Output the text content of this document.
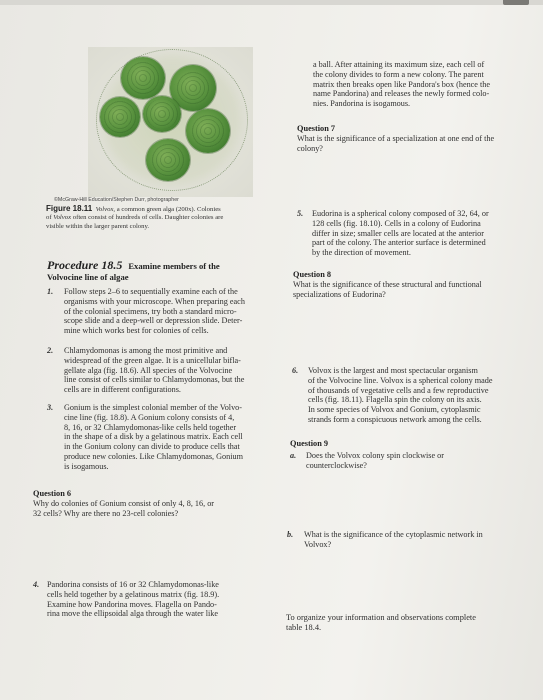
©McGraw-Hill Education/Stephen Durr, photographer
Figure 18.11 Volvox, a common green alga (200x). Colonies
of Volvox often consist of hundreds of cells. Daughter colonies are
visible within the larger parent colony.
Procedure 18.5 Examine members of the
Volvocine line of algae
1. Follow steps 2–6 to sequentially examine each of the
organisms with your microscope. When preparing each
of the colonial specimens, try both a standard micro-
scope slide and a deep-well or depression slide. Deter-
mine which works best for colonies of cells.
2. Chlamydomonas is among the most primitive and
widespread of the green algae. It is a unicellular bifla-
gellate alga (fig. 18.6). All species of the Volvocine
line consist of cells similar to Chlamydomonas, but the
cells are in different configurations.
3. Gonium is the simplest colonial member of the Volvo-
cine line (fig. 18.8). A Gonium colony consists of 4,
8, 16, or 32 Chlamydomonas-like cells held together
in the shape of a disk by a gelatinous matrix. Each cell
in the Gonium colony can divide to produce cells that
produce new colonies. Like Chlamydomonas, Gonium
is isogamous.
Question 6
Why do colonies of Gonium consist of only 4, 8, 16, or
32 cells? Why are there no 23-cell colonies?
4. Pandorina consists of 16 or 32 Chlamydomonas-like
cells held together by a gelatinous matrix (fig. 18.9).
Examine how Pandorina moves. Flagella on Pando-
rina move the ellipsoidal alga through the water like
a ball. After attaining its maximum size, each cell of
the colony divides to form a new colony. The parent
matrix then breaks open like Pandora's box (hence the
name Pandorina) and releases the newly formed colo-
nies. Pandorina is isogamous.
Question 7
What is the significance of a specialization at one end of the
colony?
5. Eudorina is a spherical colony composed of 32, 64, or
128 cells (fig. 18.10). Cells in a colony of Eudorina
differ in size; smaller cells are located at the anterior
part of the colony. The anterior surface is determined
by the direction of movement.
Question 8
What is the significance of these structural and functional
specializations of Eudorina?
6. Volvox is the largest and most spectacular organism
of the Volvocine line. Volvox is a spherical colony made
of thousands of vegetative cells and a few reproductive
cells (fig. 18.11). Flagella spin the colony on its axis.
In some species of Volvox and Gonium, cytoplasmic
strands form a conspicuous network among the cells.
Question 9
a. Does the Volvox colony spin clockwise or
counterclockwise?
b. What is the significance of the cytoplasmic network in
Volvox?
To organize your information and observations complete
table 18.4.
